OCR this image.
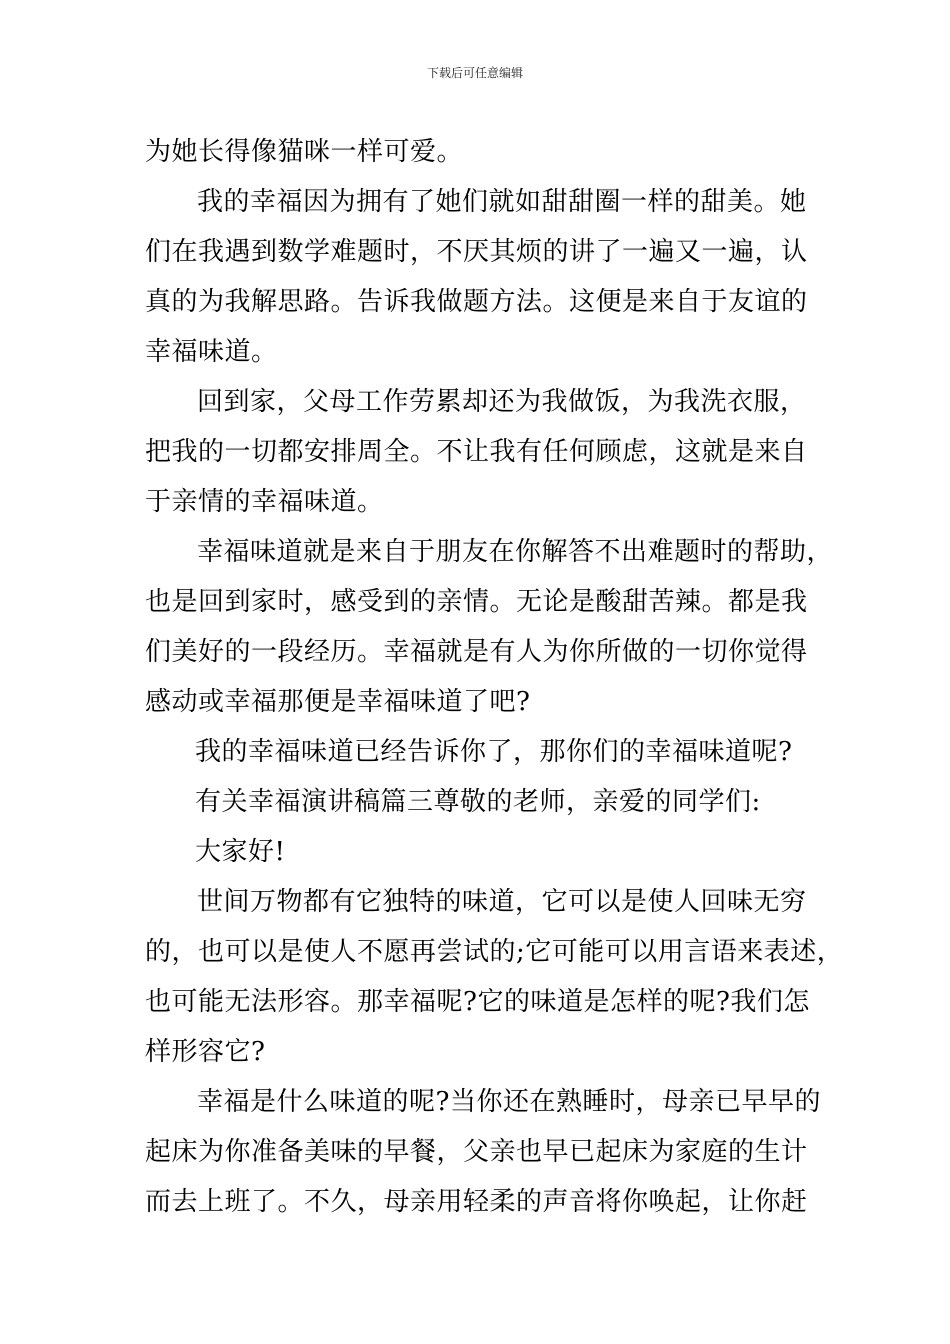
下载后可任意编辑
为她长得像猫咪一样可爱。
我的幸福因为拥有了她们就如甜甜圈一样的甜美。她
们在我遇到数学难题时，不厌其烦的讲了一遍又一遍，认
真的为我解思路。告诉我做题方法。这便是来自于友谊的
幸福味道。
回到家，父母工作劳累却还为我做饭，为我洗衣服，
把我的一切都安排周全。不让我有任何顾虑，这就是来自
于亲情的幸福味道。
幸福味道就是来自于朋友在你解答不出难题时的帮助，
也是回到家时，感受到的亲情。无论是酸甜苦辣。都是我
们美好的一段经历。幸福就是有人为你所做的一切你觉得
感动或幸福那便是幸福味道了吧?
我的幸福味道已经告诉你了，那你们的幸福味道呢?
有关幸福演讲稿篇三尊敬的老师，亲爱的同学们:
大家好!
世间万物都有它独特的味道，它可以是使人回味无穷
的，也可以是使人不愿再尝试的;它可能可以用言语来表述，
也可能无法形容。那幸福呢?它的味道是怎样的呢?我们怎
样形容它?
幸福是什么味道的呢?当你还在熟睡时，母亲已早早的
起床为你准备美味的早餐，父亲也早已起床为家庭的生计
而去上班了。不久，母亲用轻柔的声音将你唤起，让你赶
